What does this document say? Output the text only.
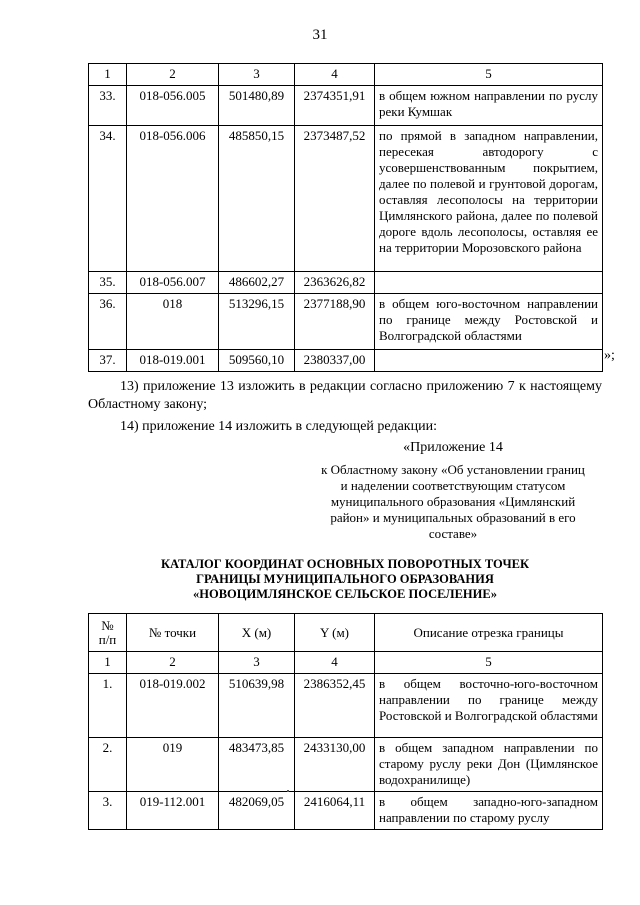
31
1	2	3	4	5
33.	018-056.005	501480,89	2374351,91	в общем южном направлении по руслу реки Кумшак
34.	018-056.006	485850,15	2373487,52	по прямой в западном направлении, пересекая автодорогу с усовершенствованным покрытием, далее по полевой и грунтовой дорогам, оставляя лесополосы на территории Цимлянского района, далее по полевой дороге вдоль лесополосы, оставляя ее на территории Морозовского района
35.	018-056.007	486602,27	2363626,82	
36.	018	513296,15	2377188,90	в общем юго-восточном направлении по границе между Ростовской и Волгоградской областями
37.	018-019.001	509560,10	2380337,00		»;
13) приложение 13 изложить в редакции согласно приложению 7 к настоящему Областному закону;
14) приложение 14 изложить в следующей редакции:
«Приложение 14
к Областному закону «Об установлении границ и наделении соответствующим статусом муниципального образования «Цимлянский район» и муниципальных образований в его составе»
КАТАЛОГ КООРДИНАТ ОСНОВНЫХ ПОВОРОТНЫХ ТОЧЕК
ГРАНИЦЫ МУНИЦИПАЛЬНОГО ОБРАЗОВАНИЯ
«НОВОЦИМЛЯНСКОЕ СЕЛЬСКОЕ ПОСЕЛЕНИЕ»
№
п/п	№ точки	X (м)	Y (м)	Описание отрезка границы
1	2	3	4	5
1.	018-019.002	510639,98	2386352,45	в общем восточно-юго-восточном направлении по границе между Ростовской и Волгоградской областями
2.	019	483473,85	2433130,00	в общем западном направлении по старому руслу реки Дон (Цимлянское водохранилище)
3.	019-112.001	482069,05	2416064,11	в общем западно-юго-западном направлении по старому руслу
